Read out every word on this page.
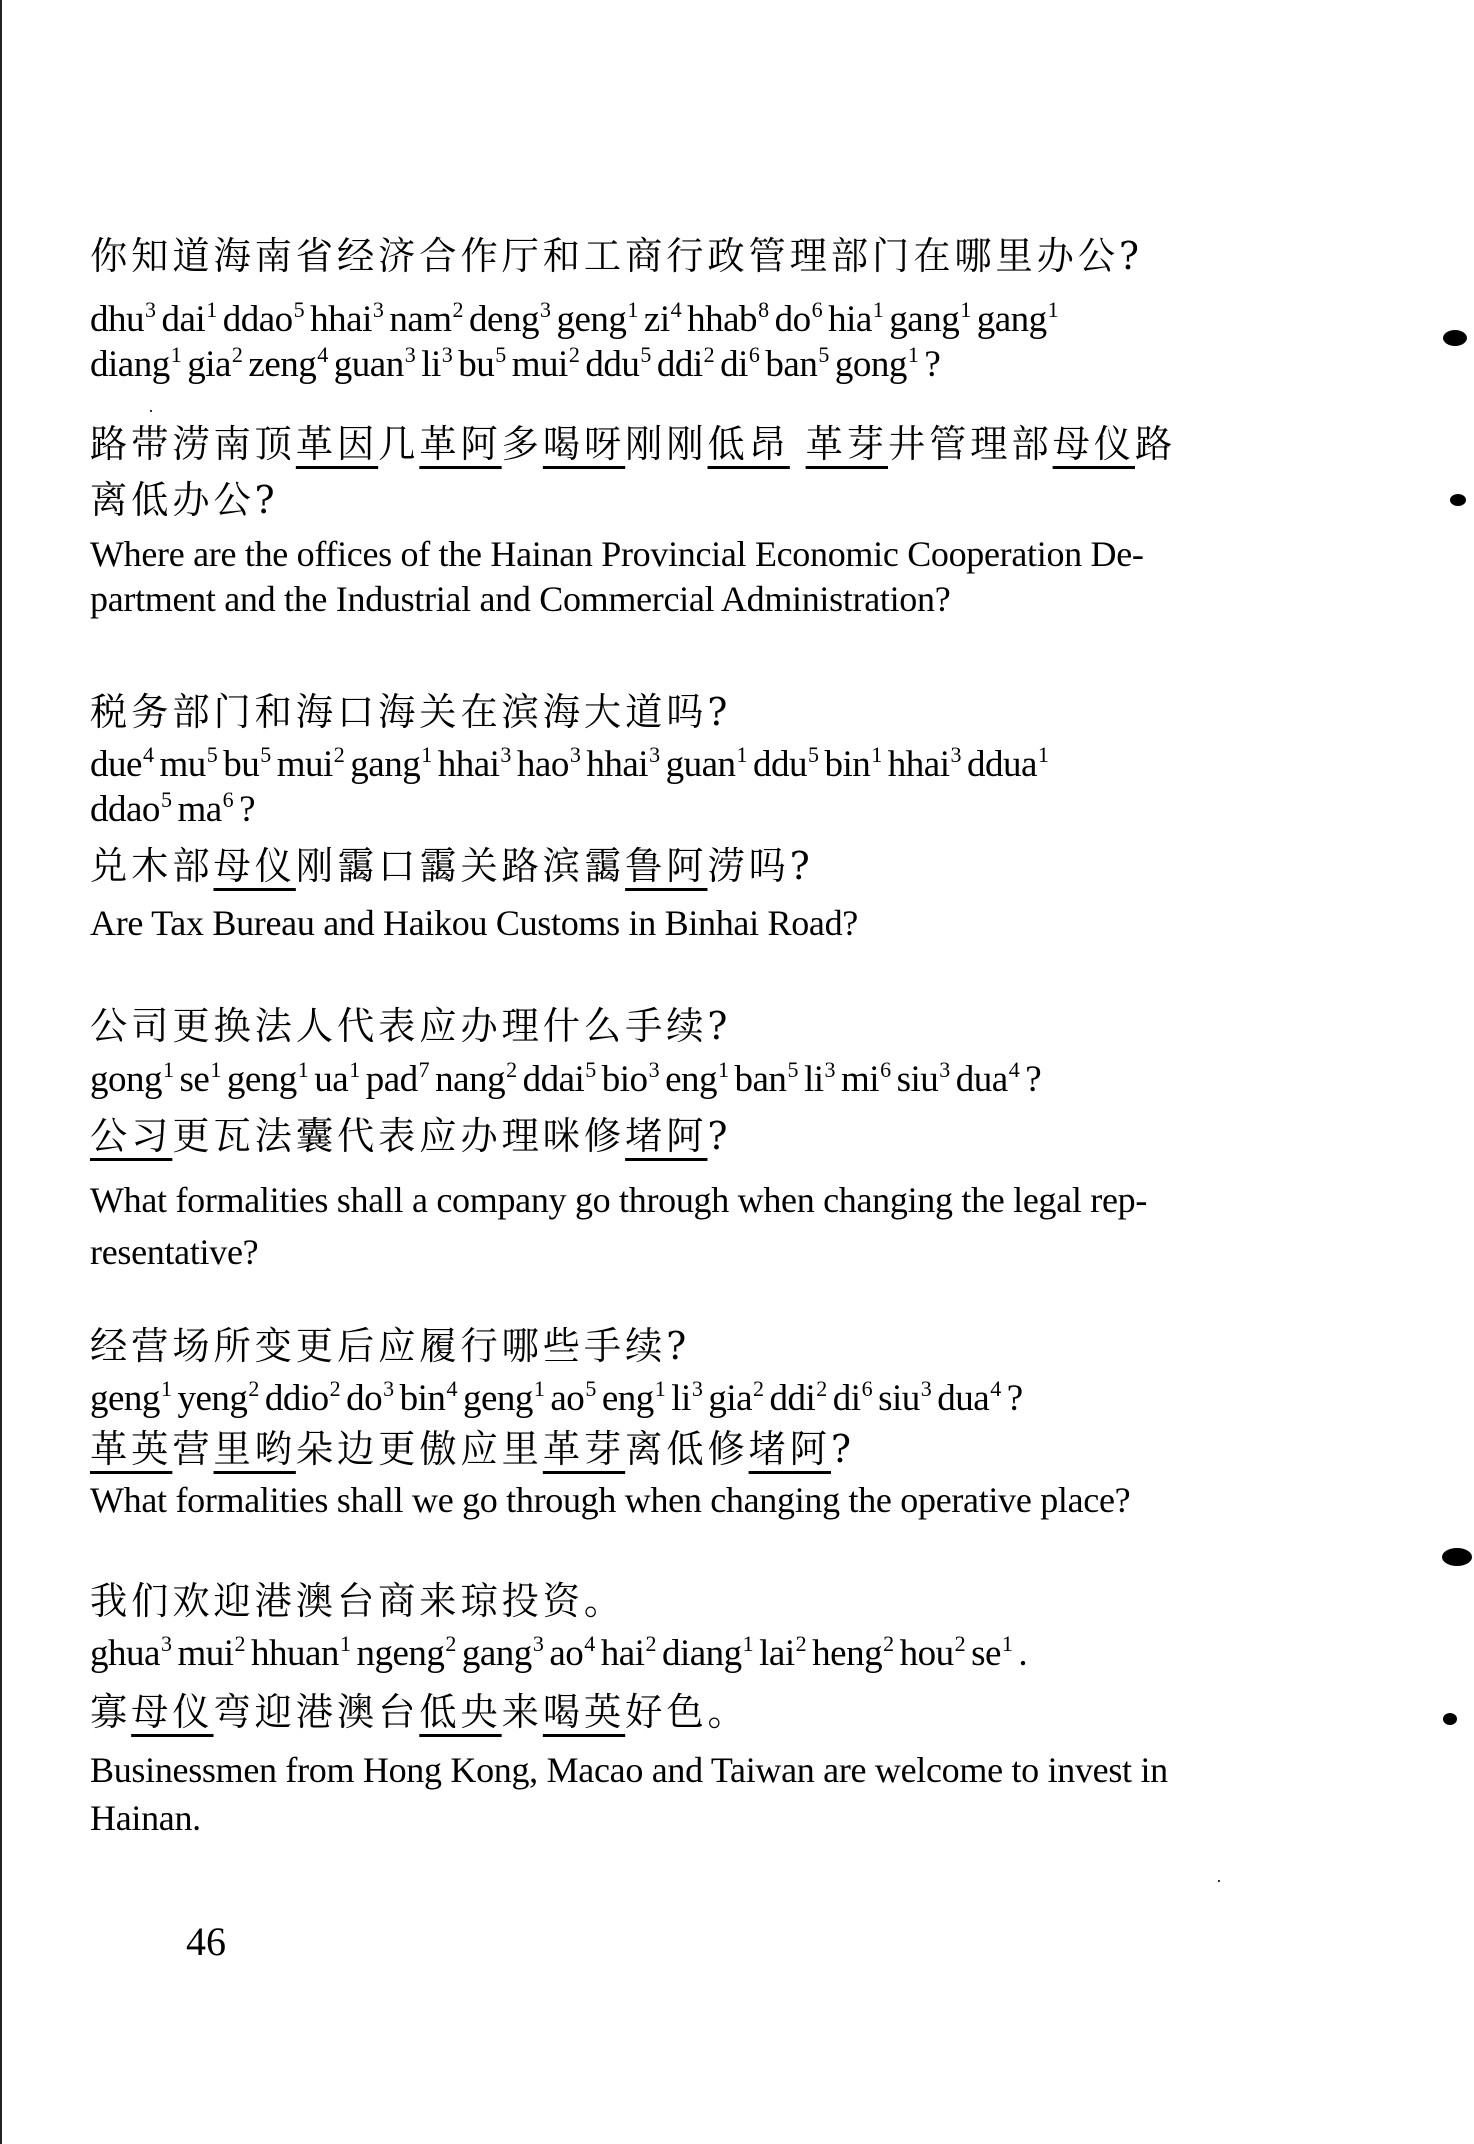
你知道海南省经济合作厅和工商行政管理部门在哪里办公?
dhu$^3$ dai$^1$ ddao$^5$ hhai$^3$ nam$^2$ deng$^3$ geng$^1$ $zi^4$ hhab$^8$ $do^6$ hia$^1$ gang$^1$ gang$^1$
diang$^1$ gia$^2$ zeng$^4$ guan$^3$ $li^3$ $bu^5$ mui$^2$ ddu$^5$ ddi$^2$ $di^6$ ban$^5$ gong$^1$ ?
路带涝南顶革因几革阿多喝呀刚刚低昂 革芽井管理部母仪路
离低办公?
Where are the offices of the Hainan Provincial Economic Cooperation De-
partment and the Industrial and Commercial Administration?
税务部门和海口海关在滨海大道吗?
due$^4$ $mu^5$ $bu^5$ mui$^2$ gang$^1$ hhai$^3$ hao$^3$ hhai$^3$ guan$^1$ ddu$^5$ bin$^1$ hhai$^3$ ddua$^1$
ddao$^5$ $ma^6$ ?
兑木部母仪刚靄口靄关路滨靄鲁阿涝吗?
Are Tax Bureau and Haikou Customs in Binhai Road?
公司更换法人代表应办理什么手续?
gong$^1$ $se^1$ geng$^1$ $ua^1$ pad$^7$ nang$^2$ ddai$^5$ bio$^3$ eng$^1$ ban$^5$ $li^3$ $mi^6$ siu$^3$ dua$^4$ ?
公习更瓦法囊代表应办理咪修堵阿?
What formalities shall a company go through when changing the legal rep-
resentative?
经营场所变更后应履行哪些手续?
geng$^1$ yeng$^2$ ddio$^2$ $do^3$ bin$^4$ geng$^1$ $ao^5$ eng$^1$ $li^3$ gia$^2$ ddi$^2$ $di^6$ siu$^3$ dua$^4$ ?
革英营里哟朵边更傲应里革芽离低修堵阿?
What formalities shall we go through when changing the operative place?
我们欢迎港澳台商来琼投资。
ghua$^3$ mui$^2$ hhuan$^1$ ngeng$^2$ gang$^3$ $ao^4$ hai$^2$ diang$^1$ lai$^2$ heng$^2$ hou$^2$ $se^1$ .
寡母仪弯迎港澳台低央来喝英好色。
Businessmen from Hong Kong, Macao and Taiwan are welcome to invest in
Hainan.
46
